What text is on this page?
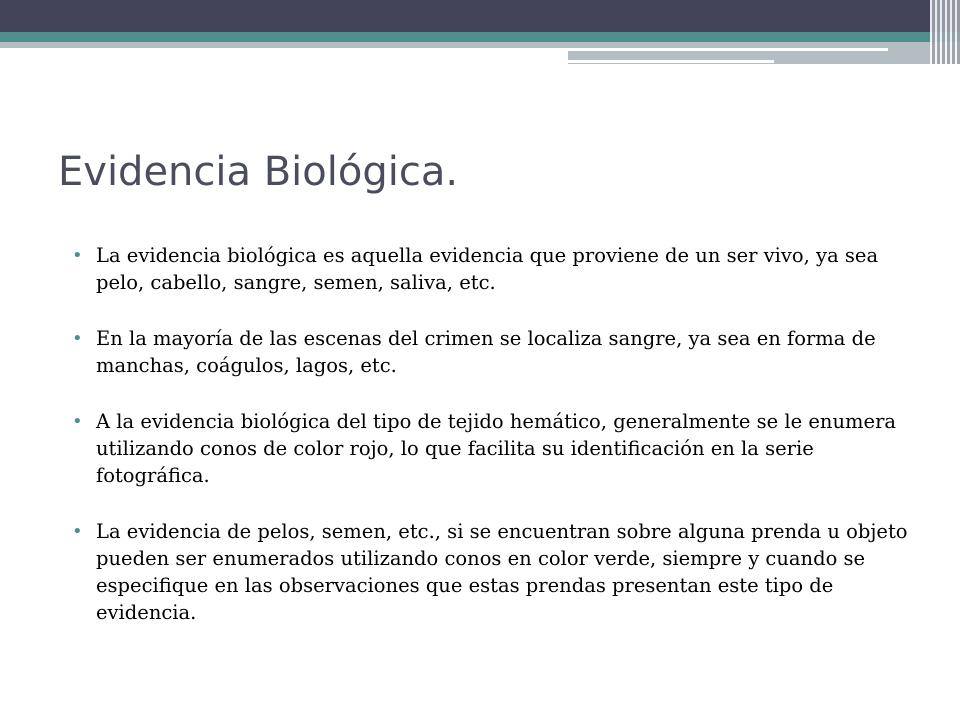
Evidencia Biológica.
• La evidencia biológica es aquella evidencia que proviene de un ser vivo, ya sea pelo, cabello, sangre, semen, saliva, etc.
• En la mayoría de las escenas del crimen se localiza sangre, ya sea en forma de manchas, coágulos, lagos, etc.
• A la evidencia biológica del tipo de tejido hemático, generalmente se le enumera utilizando conos de color rojo, lo que facilita su identificación en la serie fotográfica.
• La evidencia de pelos, semen, etc., si se encuentran sobre alguna prenda u objeto pueden ser enumerados utilizando conos en color verde, siempre y cuando se especifique en las observaciones que estas prendas presentan este tipo de evidencia.
